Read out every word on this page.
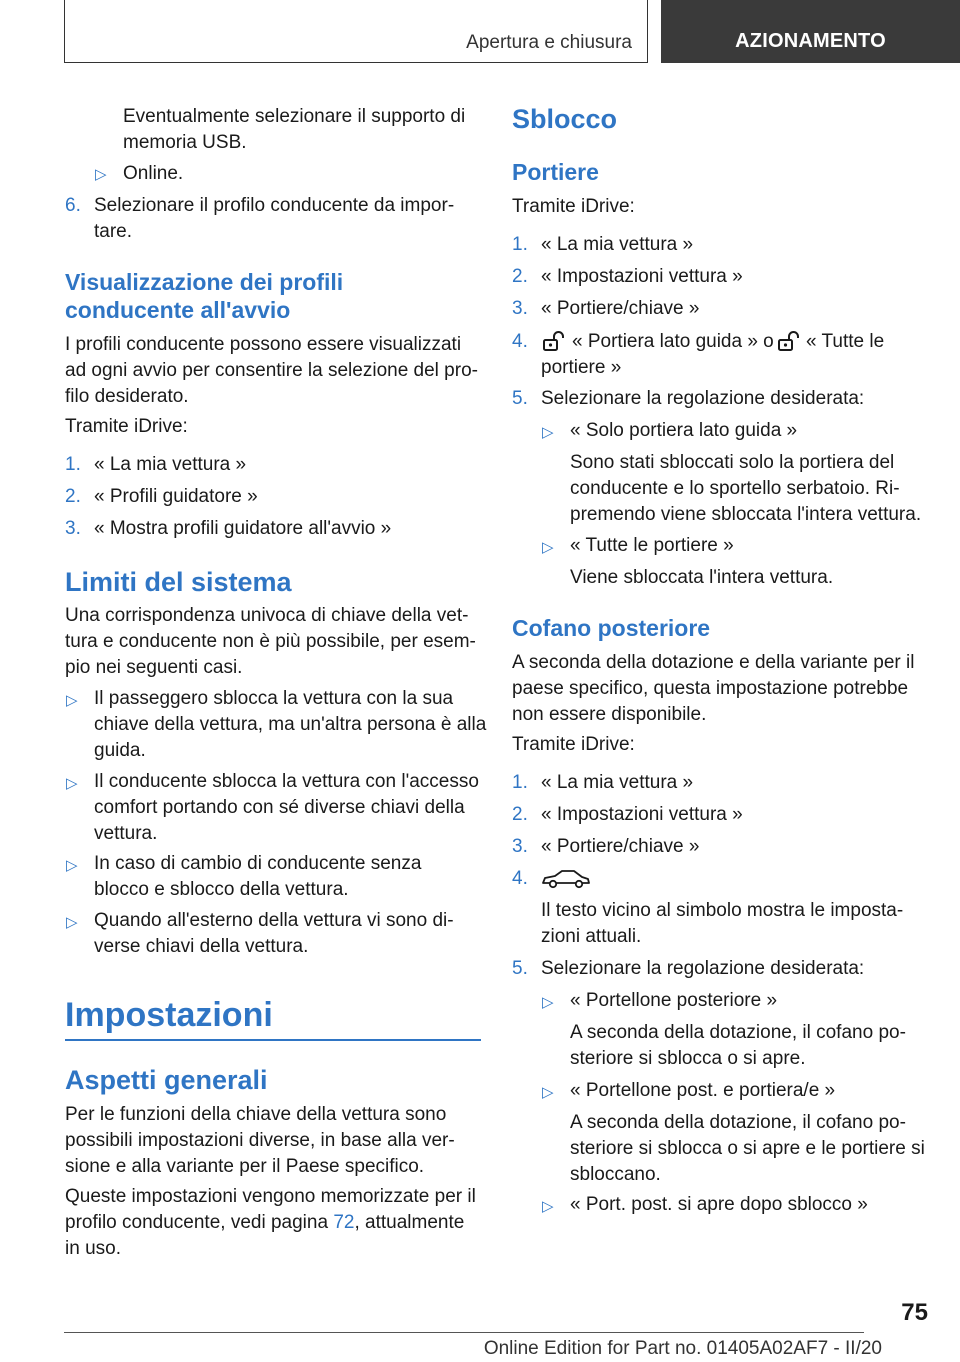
Apertura e chiusura	AZIONAMENTO

Eventualmente selezionare il supporto di

memoria USB.

▷ Online.

6. Selezionare il profilo conducente da impor-

tare.

Visualizzazione dei profili

conducente all'avvio

I profili conducente possono essere visualizzati

ad ogni avvio per consentire la selezione del pro-

filo desiderato.

Tramite iDrive:

1. « La mia vettura »

2. « Profili guidatore »

3. « Mostra profili guidatore all'avvio »

Limiti del sistema

Una corrispondenza univoca di chiave della vet-

tura e conducente non è più possibile, per esem-

pio nei seguenti casi.

▷ Il passeggero sblocca la vettura con la sua

chiave della vettura, ma un'altra persona è alla

guida.

▷ Il conducente sblocca la vettura con l'accesso

comfort portando con sé diverse chiavi della

vettura.

▷ In caso di cambio di conducente senza

blocco e sblocco della vettura.

▷ Quando all'esterno della vettura vi sono di-

verse chiavi della vettura.

Impostazioni

Aspetti generali

Per le funzioni della chiave della vettura sono

possibili impostazioni diverse, in base alla ver-

sione e alla variante per il Paese specifico.

Queste impostazioni vengono memorizzate per il

profilo conducente, vedi pagina 72, attualmente

in uso.

Sblocco

Portiere

Tramite iDrive:

1. « La mia vettura »

2. « Impostazioni vettura »

3. « Portiere/chiave »

4. « Portiera lato guida » o « Tutte le

portiere »

5. Selezionare la regolazione desiderata:

▷ « Solo portiera lato guida »

Sono stati sbloccati solo la portiera del

conducente e lo sportello serbatoio. Ri-

premendo viene sbloccata l'intera vettura.

▷ « Tutte le portiere »

Viene sbloccata l'intera vettura.

Cofano posteriore

A seconda della dotazione e della variante per il

paese specifico, questa impostazione potrebbe

non essere disponibile.

Tramite iDrive:

1. « La mia vettura »

2. « Impostazioni vettura »

3. « Portiere/chiave »

4.

Il testo vicino al simbolo mostra le imposta-

zioni attuali.

5. Selezionare la regolazione desiderata:

▷ « Portellone posteriore »

A seconda della dotazione, il cofano po-

steriore si sblocca o si apre.

▷ « Portellone post. e portiera/e »

A seconda della dotazione, il cofano po-

steriore si sblocca o si apre e le portiere si

sbloccano.

▷ « Port. post. si apre dopo sblocco »

75
Online Edition for Part no. 01405A02AF7 - II/20
